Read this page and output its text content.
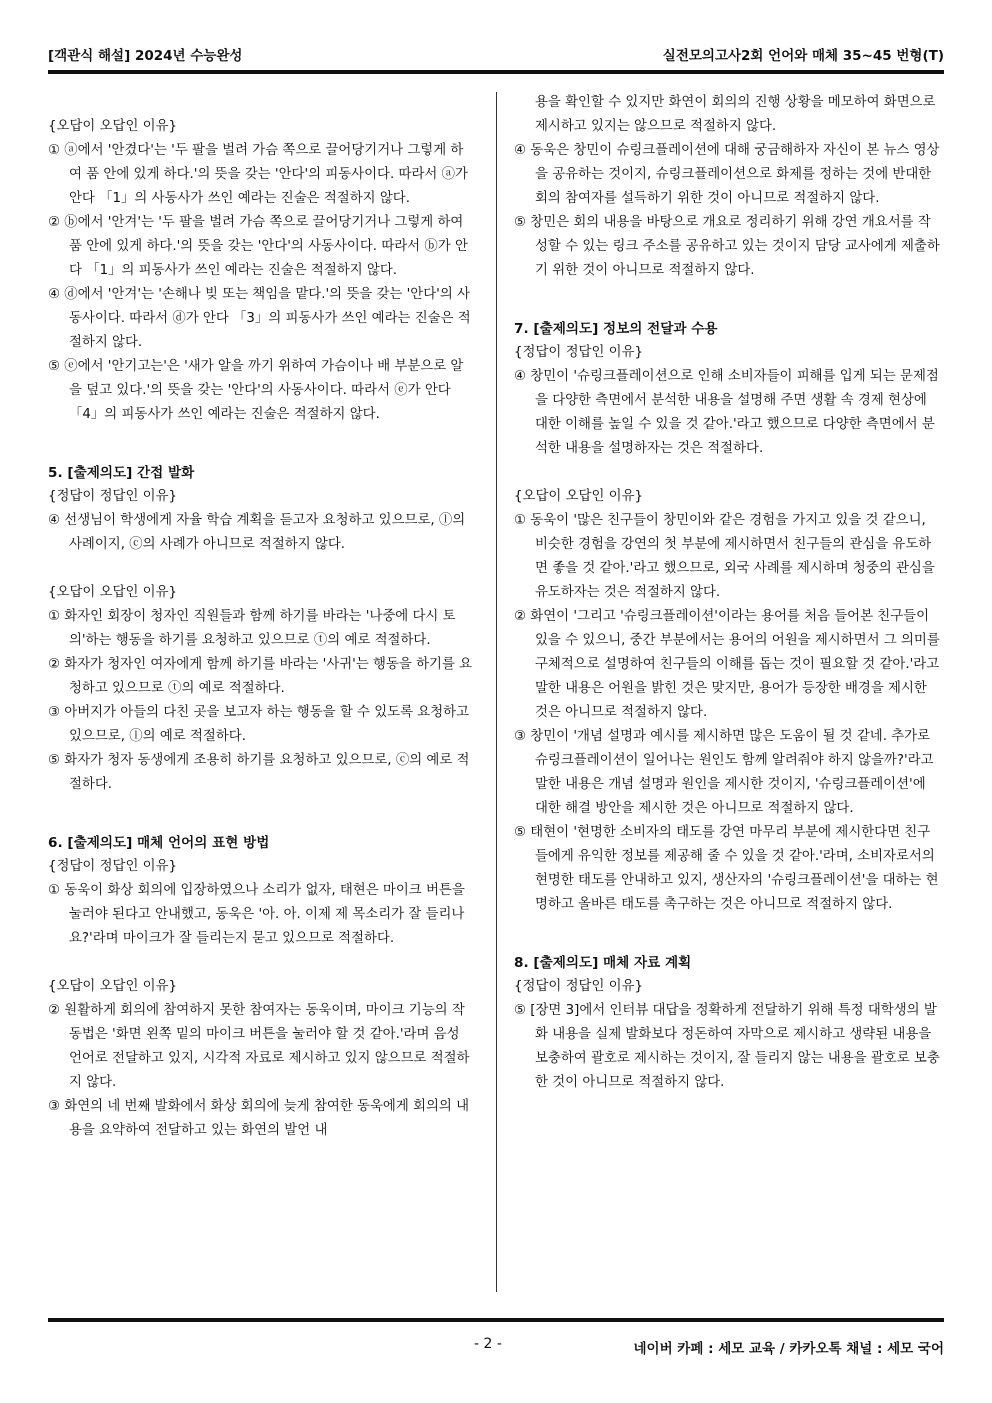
[객관식 해설] 2024년 수능완성	실전모의고사2회 언어와 매체 35~45 번형(T)
{오답이 오답인 이유}
① ⓐ에서 '안겼다'는 '두 팔을 벌려 가슴 쪽으로 끌어당기거나 그렇게 하여 품 안에 있게 하다.'의 뜻을 갖는 '안다'의 피동사이다. 따라서 ⓐ가 안다 「1」의 사동사가 쓰인 예라는 진술은 적절하지 않다.
② ⓑ에서 '안겨'는 '두 팔을 벌려 가슴 쪽으로 끌어당기거나 그렇게 하여 품 안에 있게 하다.'의 뜻을 갖는 '안다'의 사동사이다. 따라서 ⓑ가 안다 「1」의 피동사가 쓰인 예라는 진술은 적절하지 않다.
④ ⓓ에서 '안겨'는 '손해나 빚 또는 책임을 맡다.'의 뜻을 갖는 '안다'의 사동사이다. 따라서 ⓓ가 안다 「3」의 피동사가 쓰인 예라는 진술은 적절하지 않다.
⑤ ⓔ에서 '안기고는'은 '새가 알을 까기 위하여 가슴이나 배 부분으로 알을 덮고 있다.'의 뜻을 갖는 '안다'의 사동사이다. 따라서 ⓔ가 안다 「4」의 피동사가 쓰인 예라는 진술은 적절하지 않다.
5. [출제의도] 간접 발화
{정답이 정답인 이유}
④ 선생님이 학생에게 자율 학습 계획을 듣고자 요청하고 있으므로, ⓛ의 사례이지, ⓒ의 사례가 아니므로 적절하지 않다.
{오답이 오답인 이유}
① 화자인 회장이 청자인 직원들과 함께 하기를 바라는 '나중에 다시 토의'하는 행동을 하기를 요청하고 있으므로 ⓣ의 예로 적절하다.
② 화자가 청자인 여자에게 함께 하기를 바라는 '사귀'는 행동을 하기를 요청하고 있으므로 ⓣ의 예로 적절하다.
③ 아버지가 아들의 다친 곳을 보고자 하는 행동을 할 수 있도록 요청하고 있으므로, ⓛ의 예로 적절하다.
⑤ 화자가 청자 동생에게 조용히 하기를 요청하고 있으므로, ⓒ의 예로 적절하다.
6. [출제의도] 매체 언어의 표현 방법
{정답이 정답인 이유}
① 동욱이 화상 회의에 입장하였으나 소리가 없자, 태현은 마이크 버튼을 눌러야 된다고 안내했고, 동욱은 '아. 아. 이제 제 목소리가 잘 들리나요?'라며 마이크가 잘 들리는지 묻고 있으므로 적절하다.
{오답이 오답인 이유}
② 원활하게 회의에 참여하지 못한 참여자는 동욱이며, 마이크 기능의 작동법은 '화면 왼쪽 밑의 마이크 버튼을 눌러야 할 것 같아.'라며 음성 언어로 전달하고 있지, 시각적 자료로 제시하고 있지 않으므로 적절하지 않다.
③ 화연의 네 번째 발화에서 화상 회의에 늦게 참여한 동욱에게 회의의 내용을 요약하여 전달하고 있는 화연의 발언 내
용을 확인할 수 있지만 화연이 회의의 진행 상황을 메모하여 화면으로 제시하고 있지는 않으므로 적절하지 않다.
④ 동욱은 창민이 슈링크플레이션에 대해 궁금해하자 자신이 본 뉴스 영상을 공유하는 것이지, 슈링크플레이션으로 화제를 정하는 것에 반대한 회의 참여자를 설득하기 위한 것이 아니므로 적절하지 않다.
⑤ 창민은 회의 내용을 바탕으로 개요로 정리하기 위해 강연 개요서를 작성할 수 있는 링크 주소를 공유하고 있는 것이지 담당 교사에게 제출하기 위한 것이 아니므로 적절하지 않다.
7. [출제의도] 정보의 전달과 수용
{정답이 정답인 이유}
④ 창민이 '슈링크플레이션으로 인해 소비자들이 피해를 입게 되는 문제점을 다양한 측면에서 분석한 내용을 설명해 주면 생활 속 경제 현상에 대한 이해를 높일 수 있을 것 같아.'라고 했으므로 다양한 측면에서 분석한 내용을 설명하자는 것은 적절하다.
{오답이 오답인 이유}
① 동욱이 '많은 친구들이 창민이와 같은 경험을 가지고 있을 것 같으니, 비슷한 경험을 강연의 첫 부분에 제시하면서 친구들의 관심을 유도하면 좋을 것 같아.'라고 했으므로, 외국 사례를 제시하며 청중의 관심을 유도하자는 것은 적절하지 않다.
② 화연이 '그리고 '슈링크플레이션'이라는 용어를 처음 들어본 친구들이 있을 수 있으니, 중간 부분에서는 용어의 어원을 제시하면서 그 의미를 구체적으로 설명하여 친구들의 이해를 돕는 것이 필요할 것 같아.'라고 말한 내용은 어원을 밝힌 것은 맞지만, 용어가 등장한 배경을 제시한 것은 아니므로 적절하지 않다.
③ 창민이 '개념 설명과 예시를 제시하면 많은 도움이 될 것 같네. 추가로 슈링크플레이션이 일어나는 원인도 함께 알려줘야 하지 않을까?'라고 말한 내용은 개념 설명과 원인을 제시한 것이지, '슈링크플레이션'에 대한 해결 방안을 제시한 것은 아니므로 적절하지 않다.
⑤ 태현이 '현명한 소비자의 태도를 강연 마무리 부분에 제시한다면 친구들에게 유익한 정보를 제공해 줄 수 있을 것 같아.'라며, 소비자로서의 현명한 태도를 안내하고 있지, 생산자의 '슈링크플레이션'을 대하는 현명하고 올바른 태도를 촉구하는 것은 아니므로 적절하지 않다.
8. [출제의도] 매체 자료 계획
{정답이 정답인 이유}
⑤ [장면 3]에서 인터뷰 대답을 정확하게 전달하기 위해 특정 대학생의 발화 내용을 실제 발화보다 정돈하여 자막으로 제시하고 생략된 내용을 보충하여 괄호로 제시하는 것이지, 잘 들리지 않는 내용을 괄호로 보충한 것이 아니므로 적절하지 않다.
- 2 -	네이버 카페 : 세모 교육 / 카카오톡 채널 : 세모 국어
